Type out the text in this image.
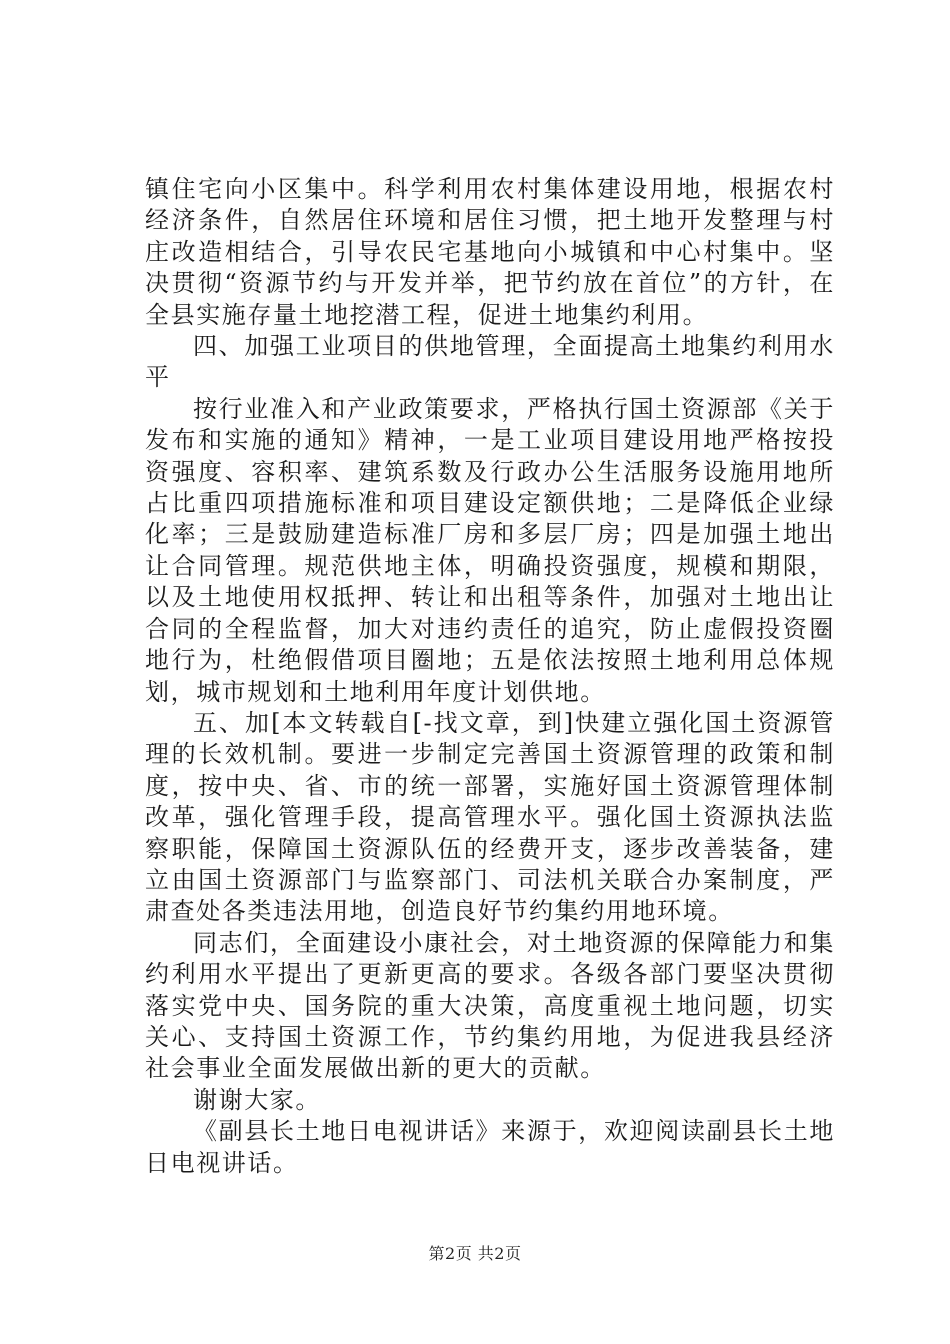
镇住宅向小区集中。科学利用农村集体建设用地，根据农村经济条件，自然居住环境和居住习惯，把土地开发整理与村庄改造相结合，引导农民宅基地向小城镇和中心村集中。坚决贯彻“资源节约与开发并举，把节约放在首位”的方针，在全县实施存量土地挖潜工程，促进土地集约利用。

四、加强工业项目的供地管理，全面提高土地集约利用水平

按行业准入和产业政策要求，严格执行国土资源部《关于发布和实施的通知》精神，一是工业项目建设用地严格按投资强度、容积率、建筑系数及行政办公生活服务设施用地所占比重四项措施标准和项目建设定额供地；二是降低企业绿化率；三是鼓励建造标准厂房和多层厂房；四是加强土地出让合同管理。规范供地主体，明确投资强度，规模和期限，以及土地使用权抵押、转让和出租等条件，加强对土地出让合同的全程监督，加大对违约责任的追究，防止虚假投资圈地行为，杜绝假借项目圈地；五是依法按照土地利用总体规划，城市规划和土地利用年度计划供地。

五、加[本文转载自[-找文章，到]快建立强化国土资源管理的长效机制。要进一步制定完善国土资源管理的政策和制度，按中央、省、市的统一部署，实施好国土资源管理体制改革，强化管理手段，提高管理水平。强化国土资源执法监察职能，保障国土资源队伍的经费开支，逐步改善装备，建立由国土资源部门与监察部门、司法机关联合办案制度，严肃查处各类违法用地，创造良好节约集约用地环境。

同志们，全面建设小康社会，对土地资源的保障能力和集约利用水平提出了更新更高的要求。各级各部门要坚决贯彻落实党中央、国务院的重大决策，高度重视土地问题，切实关心、支持国土资源工作，节约集约用地，为促进我县经济社会事业全面发展做出新的更大的贡献。

谢谢大家。

《副县长土地日电视讲话》来源于，欢迎阅读副县长土地日电视讲话。

第2页 共2页
